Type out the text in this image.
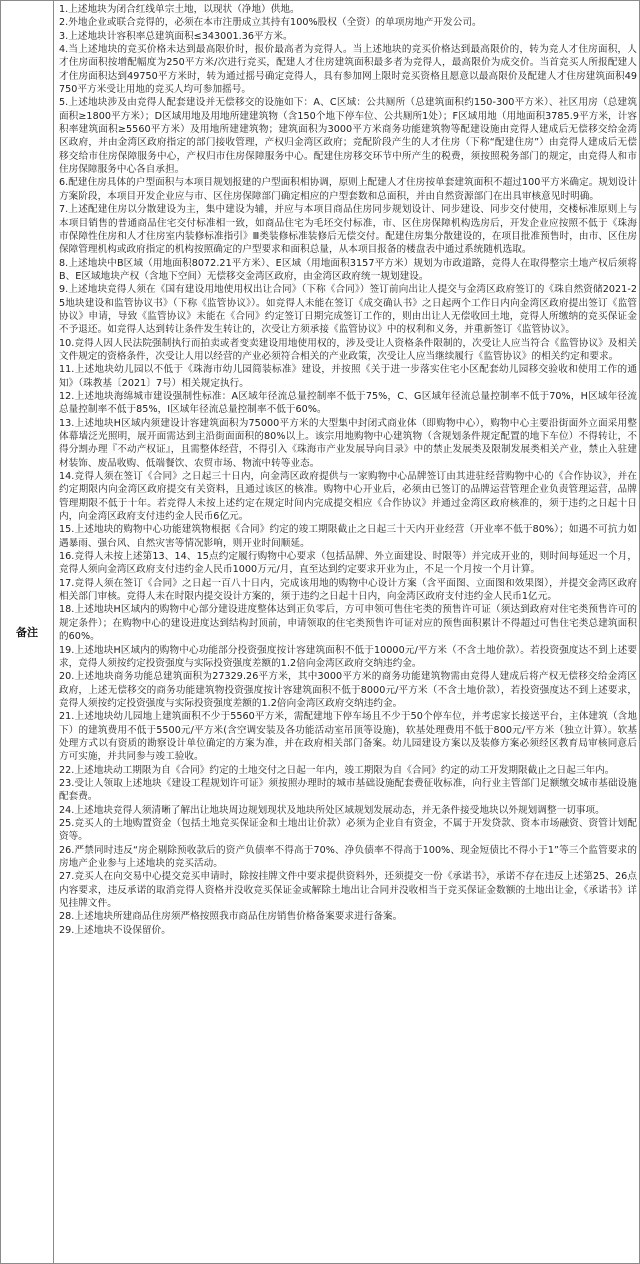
备注

1.上述地块为闭合红线单宗土地，以现状（净地）供地。

2.外地企业或联合竞得的，必须在本市注册成立其持有100%股权（全资）的单项房地产开发公司。

3.上述地块计容积率总建筑面积≤343001.36平方米。

4.当上述地块的竞买价格未达到最高限价时，报价最高者为竞得人。当上述地块的竞买价格达到最高限价的，转为竞人才住房面积，人才住房面积按增配幅度为250平方米/次进行竞买，配建人才住房建筑面积最多者为竞得人，最高限价为成交价。当首竞买人所报配建人才住房面积达到49750平方米时，转为通过摇号确定竞得人，具有参加网上限时竞买资格且愿意以最高限价及配建人才住房建筑面积49750平方米受让用地的竞买人均可参加摇号。

5.上述地块涉及由竞得人配套建设并无偿移交的设施如下：A、C区域：公共厕所（总建筑面积约150-300平方米）、社区用房（总建筑面积≥1800平方米）；D区域用地及用地所建建筑物（含150个地下停车位、公共厕所1处）；F区域用地（用地面积3785.9平方米，计容积率建筑面积≥5560平方米）及用地所建建筑物；建筑面积为3000平方米商务功能建筑物等配建设施由竞得人建成后无偿移交给金湾区政府，并由金湾区政府指定的部门接收管理，产权归金湾区政府；竞配阶段产生的人才住房（下称“配建住房”）由竞得人建成后无偿移交给市住房保障服务中心，产权归市住房保障服务中心。配建住房移交环节中所产生的税费，须按照税务部门的规定，由竞得人和市住房保障服务中心各自承担。

6.配建住房具体的户型面积与本项目规划报建的户型面积相协调，原则上配建人才住房按单套建筑面积不超过100平方米确定。规划设计方案阶段，本项目开发企业应与市、区住房保障部门确定相应的户型套数和总面积，并由自然资源部门在出具审核意见时明确。

7.上述配建住房以分散建设为主，集中建设为辅，并应与本项目商品住房同步规划设计、同步建设、同步交付使用，交楼标准原则上与本项目销售的普通商品住宅交付标准相一致，如商品住宅为毛坯交付标准，市、区住房保障机构选房后，开发企业应按照不低于《珠海市保障性住房和人才住房室内装修标准指引》Ⅲ类装修标准装修后无偿交付。配建住房集分散建设的，在项目批准预售时，由市、区住房保障管理机构或政府指定的机构按照确定的户型要求和面积总量，从本项目报备的楼盘表中通过系统随机选取。

8.上述地块中B区域（用地面积8072.21平方米）、E区域（用地面积3157平方米）规划为市政道路，竞得人在取得整宗土地产权后须将B、E区域地块产权（含地下空间）无偿移交金湾区政府，由金湾区政府统一规划建设。

9.上述地块竞得人须在《国有建设用地使用权出让合同》（下称《合同》）签订前向出让人提交与金湾区政府签订的《珠自然资储2021-25地块建设和监管协议书》（下称《监管协议》）。如竞得人未能在签订《成交确认书》之日起两个工作日内向金湾区政府提出签订《监管协议》申请，导致《监管协议》未能在《合同》约定签订日期完成签订工作的，则由出让人无偿收回土地，竞得人所缴纳的竞买保证金不予退还。如竞得人达到转让条件发生转让的，次受让方须承接《监管协议》中的权利和义务，并重新签订《监管协议》。

10.竞得人因人民法院强制执行而拍卖或者变卖建设用地使用权的，涉及受让人资格条件限制的，次受让人应当符合《监管协议》及相关文件规定的资格条件，次受让人用以经营的产业必须符合相关的产业政策，次受让人应当继续履行《监管协议》的相关约定和要求。

11.上述地块幼儿园以不低于《珠海市幼儿园简装标准》建设，并按照《关于进一步落实住宅小区配套幼儿园移交验收和使用工作的通知》（珠教基〔2021〕7号）相关规定执行。

12.上述地块海绵城市建设强制性标准：A区域年径流总量控制率不低于75%，C、G区域年径流总量控制率不低于70%，H区域年径流总量控制率不低于85%，I区域年径流总量控制率不低于60%。

13.上述地块H区域内须建设计容建筑面积为75000平方米的大型集中封闭式商业体（即购物中心），购物中心主要沿街面外立面采用整体幕墙泛光照明，展开面需达到主沿街面面积的80%以上。该宗用地购物中心建筑物（含规划条件规定配置的地下车位）不得转让，不得分割办理『不动产权证』，且需整体经营，不得引入《珠海市产业发展导向目录》中的禁止发展类及限制发展类相关产业，禁止入驻建材装饰、废品收购、低端餐饮、农贸市场、物流中转等业态。

14.竞得人须在签订《合同》之日起三十日内，向金湾区政府提供与一家购物中心品牌签订由其进驻经营购物中心的《合作协议》，并在约定期限内向金湾区政府提交有关资料，且通过该区的核准。购物中心开业后，必须由已签订的品牌运营管理企业负责管理运营，品牌管理期限不低于十年。若竞得人未按上述约定在规定时间内完成提交相应《合作协议》并通过金湾区政府核准的，须于违约之日起十日内，向金湾区政府支付违约金人民币6亿元。

15.上述地块的购物中心功能建筑物根据《合同》约定的竣工期限截止之日起三十天内开业经营（开业率不低于80%）；如遇不可抗力如遇暴雨、强台风、自然灾害等情况影响，则开业时间顺延。

16.竞得人未按上述第13、14、15点约定履行购物中心要求（包括品牌、外立面建设、时限等）并完成开业的，则时间每延迟一个月，竞得人须向金湾区政府支付违约金人民币1000万元/月，直至达到约定要求开业为止，不足一个月按一个月计算。

17.竞得人须在签订《合同》之日起一百八十日内，完成该用地的购物中心设计方案（含平面图、立面图和效果图），并提交金湾区政府相关部门审核。竞得人未在时限内提交设计方案的，须于违约之日起十日内，向金湾区政府支付违约金人民币1亿元。

18.上述地块H区域内的购物中心部分建设进度整体达到正负零后，方可申领可售住宅类的预售许可证（须达到政府对住宅类预售许可的规定条件）；在购物中心的建设进度达到结构封顶前，申请领取的住宅类预售许可证对应的预售面积累计不得超过可售住宅类总建筑面积的60%。

19.上述地块H区域内的购物中心功能部分投资强度按计容建筑面积不低于10000元/平方米（不含土地价款）。若投资强度达不到上述要求，竞得人须按约定投资强度与实际投资强度差额的1.2倍向金湾区政府交纳违约金。

20.上述地块商务功能总建筑面积为27329.26平方米，其中3000平方米的商务功能建筑物需由竞得人建成后将产权无偿移交给金湾区政府，上述无偿移交的商务功能建筑物投资强度按计容建筑面积不低于8000元/平方米（不含土地价款），若投资强度达不到上述要求，竞得人须按约定投资强度与实际投资强度差额的1.2倍向金湾区政府交纳违约金。

21.上述地块幼儿园地上建筑面积不少于5560平方米，需配建地下停车场且不少于50个停车位，并考虑家长接送平台，主体建筑（含地下）的建筑费用不低于5500元/平方米(含空调安装及各功能活动室吊顶等设施)，软基处理费用不低于800元/平方米（独立计算）。软基处理方式以有资质的勘察设计单位确定的方案为准，并在政府相关部门备案。幼儿园建设方案以及装修方案必须经区教育局审核同意后方可实施，并共同参与竣工验收。

22.上述地块动工期限为自《合同》约定的土地交付之日起一年内，竣工期限为自《合同》约定的动工开发期限截止之日起三年内。

23.受让人领取上述地块《建设工程规划许可证》须按照办理时的城市基础设施配套费征收标准，向行业主管部门足额缴交城市基础设施配套费。

24.上述地块竞得人须清晰了解出让地块周边规划现状及地块所处区域规划发展动态，并无条件接受地块以外规划调整一切事项。

25.竞买人的土地购置资金（包括土地竞买保证金和土地出让价款）必须为企业自有资金，不属于开发贷款、资本市场融资、资管计划配资等。

26.严禁同时违反“房企剔除预收款后的资产负债率不得高于70%、净负债率不得高于100%、现金短债比不得小于1”等三个监管要求的房地产企业参与上述地块的竞买活动。

27.竞买人在向交易中心提交竞买申请时，除按挂牌文件中要求提供资料外，还须提交一份《承诺书》，承诺不存在违反上述第25、26点内容要求，违反承诺的取消竞得人资格并没收竞买保证金或解除土地出让合同并没收相当于竞买保证金数额的土地出让金，《承诺书》详见挂牌文件。

28.上述地块所建商品住房须严格按照我市商品住房销售价格备案要求进行备案。

29.上述地块不设保留价。
